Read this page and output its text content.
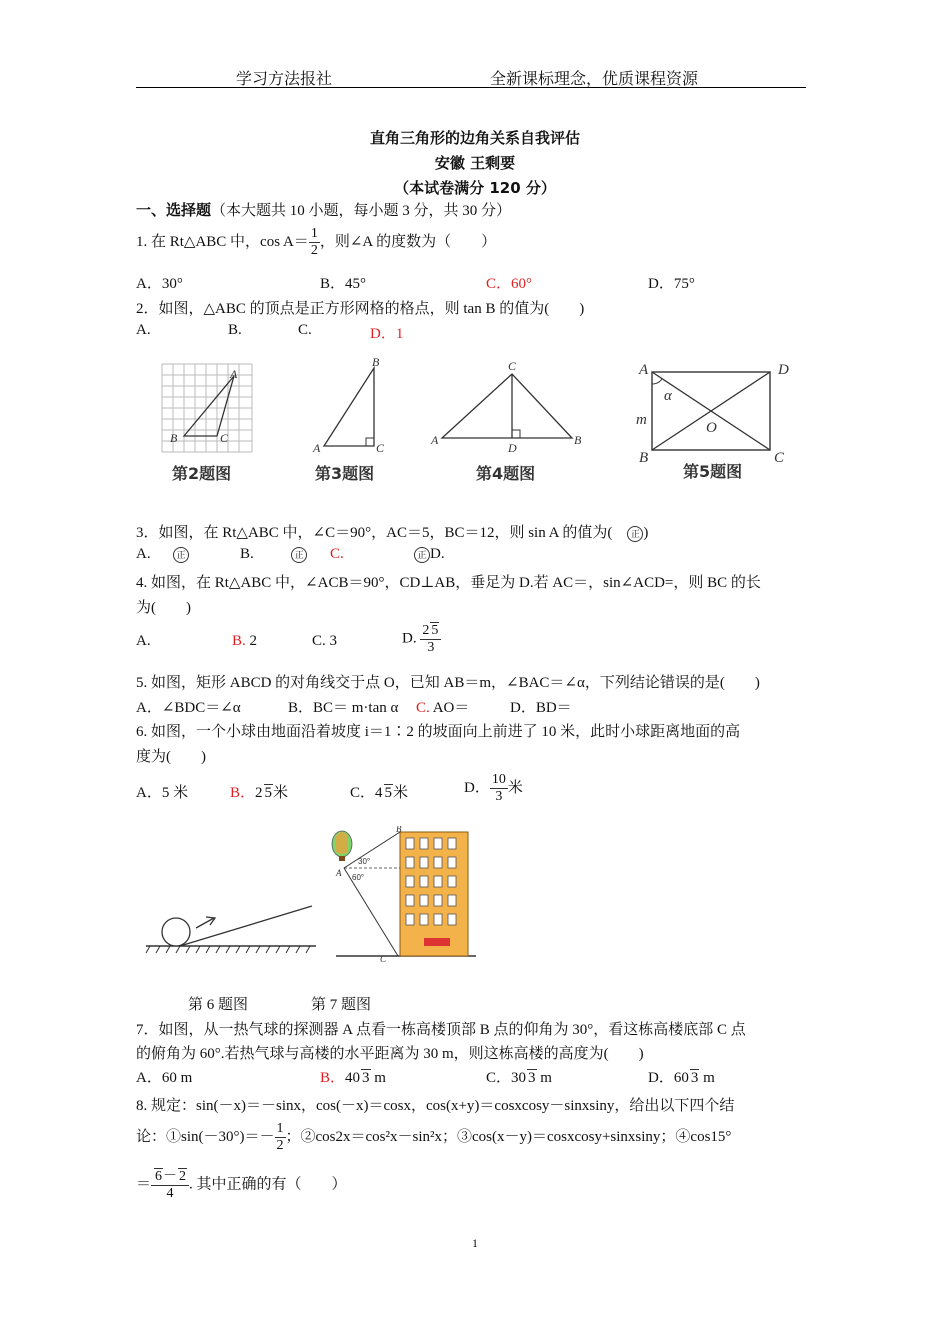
学习方法报社	全新课标理念，优质课程资源
直角三角形的边角关系自我评估
安徽 王剩要
（本试卷满分 120 分）
一、选择题（本大题共 10 小题，每小题 3 分，共 30 分）
1. 在 Rt△ABC 中，$\cos A= \frac{1}{2}$ ，则∠A 的度数为（　　）
A．30°	B．45°	C．60°	D．75°
2．如图，△ABC 的顶点是正方形网格的格点，则 tan B 的值为(　　)
A.	B.	C.	D．1
A
B	C
B
A	C
C
A
D
B
A	D
α
m	O
B	C
第2题图	第3题图	第4题图	第5题图
3．如图，在 Rt△ABC 中，∠C＝90°，AC＝5，BC＝12，则 sin A 的值为(　正 )
A.	正	B.	正 C.	正 D.
4. 如图，在 Rt△ABC 中，∠ACB＝90°，CD⊥AB，垂足为 D.若 AC＝，sin∠ACD=，则 BC 的长
为(　　)
A.	B. 2	C. 3	D. $\frac{2 5}{3}$
5. 如图，矩形 ABCD 的对角线交于点 O，已知 AB＝m，∠BAC＝∠α，下列结论错误的是(　　)
A．∠BDC＝∠α	B．BC＝ m·tan α C. AO＝	D．BD＝
6. 如图，一个小球由地面沿着坡度 i＝1∶2 的坡面向上前进了 10 米，此时小球距离地面的高
度为(　　)
A．5 米	B．2 5米	C．4 5米	D． $\frac{10}{3}$ 米
B
A
C
30°
60°
第 6 题图	第 7 题图
7．如图，从一热气球的探测器 A 点看一栋高楼顶部 B 点的仰角为 30°，看这栋高楼底部 C 点
的俯角为 60°.若热气球与高楼的水平距离为 30 m，则这栋高楼的高度为(　　)
A．60 m	B．40 3 m	C．30 3 m	D．60 3 m
8. 规定：sin(－x)＝－sinx，cos(－x)＝cosx，cos(x+y)＝cosxcosy－sinxsiny，给出以下四个结
论：①sin(－30°)＝－ $\frac{1}{2}$ ；②cos2x＝cos²x－sin²x；③cos(x－y)＝cosxcosy+sinxsiny；④cos15°
＝ $\frac{6- 2}{4}$ . 其中正确的有（　　）
1
